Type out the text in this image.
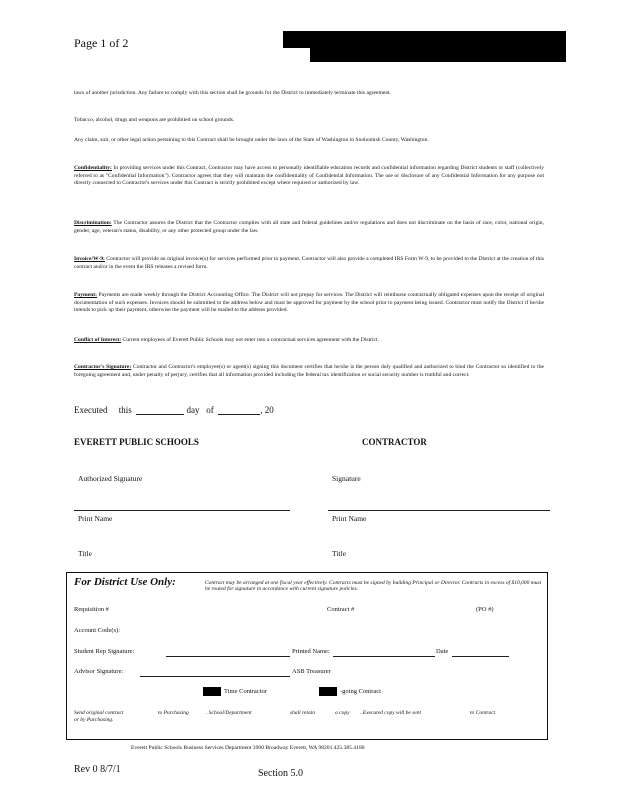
Page 1 of 2
laws of another jurisdiction. Any failure to comply with this section shall be grounds for the District to immediately terminate this agreement.
Tobacco, alcohol, drugs and weapons are prohibited on school grounds.
Any claim, suit, or other legal action pertaining to this Contract shall be brought under the laws of the State of Washington in Snohomish County, Washington.
Confidentiality: In providing services under this Contract, Contractor may have access to personally identifiable education records and confidential information regarding District students or staff (collectively referred to as "Confidential Information"). Contractor agrees that they will maintain the confidentiality of Confidential Information. The use or disclosure of any Confidential Information for any purpose not directly connected to Contractor's services under this Contract is strictly prohibited except where required or authorized by law.
Discrimination: The Contractor assures the District that the Contractor complies with all state and federal guidelines and/or regulations and does not discriminate on the basis of race, color, national origin, gender, age, veteran's status, disability, or any other protected group under the law.
Invoice/W-9: Contractor will provide an original invoice(s) for services performed prior to payment. Contractor will also provide a completed IRS Form W-9, to be provided to the District at the creation of this contract and/or in the event the IRS releases a revised form.
Payment: Payments are made weekly through the District Accounting Office. The District will not prepay for services. The District will reimburse contractually obligated expenses upon the receipt of original documentation of such expenses. Invoices should be submitted to the address below and must be approved for payment by the school prior to payment being issued. Contractor must notify the District if he/she intends to pick up their payment, otherwise the payment will be mailed to the address provided.
Conflict of Interest: Current employees of Everett Public Schools may not enter into a contractual services agreement with the District.
Contractor's Signature: Contractor and Contractor's employee(s) or agent(s) signing this document certifies that he/she is the person duly qualified and authorized to bind the Contractor so identified to the foregoing agreement and, under penalty of perjury, certifies that all information provided including the federal tax identification or social security number is truthful and correct.
Executed this	day of	, 20
EVERETT PUBLIC SCHOOLS	CONTRACTOR
Authorized Signature	Signature
Print Name	Print Name
Title	Title
For District Use Only:	Contract may be arranged at one fiscal year effectively. Contracts must be signed by building Principal or Director. Contracts in excess of $10,000 must be routed for signature in accordance with current signature policies.
Requisition #	Contract #	(PO #)
Account Code(s):
Student Rep Signature:	Printed Name:	Date
Advisor Signature:	ASB Treasurer
Time Contractor	-going Contract
Send original contract	to Purchasing	. School/Department	shall retain	a copy . Executed copy will be sent	to Contract
or by Purchasing.
Everett Public Schools Business Services Department 3900 Broadway Everett, WA 98201 425.385.4180
Rev 0 8/7/1	Section 5.0
